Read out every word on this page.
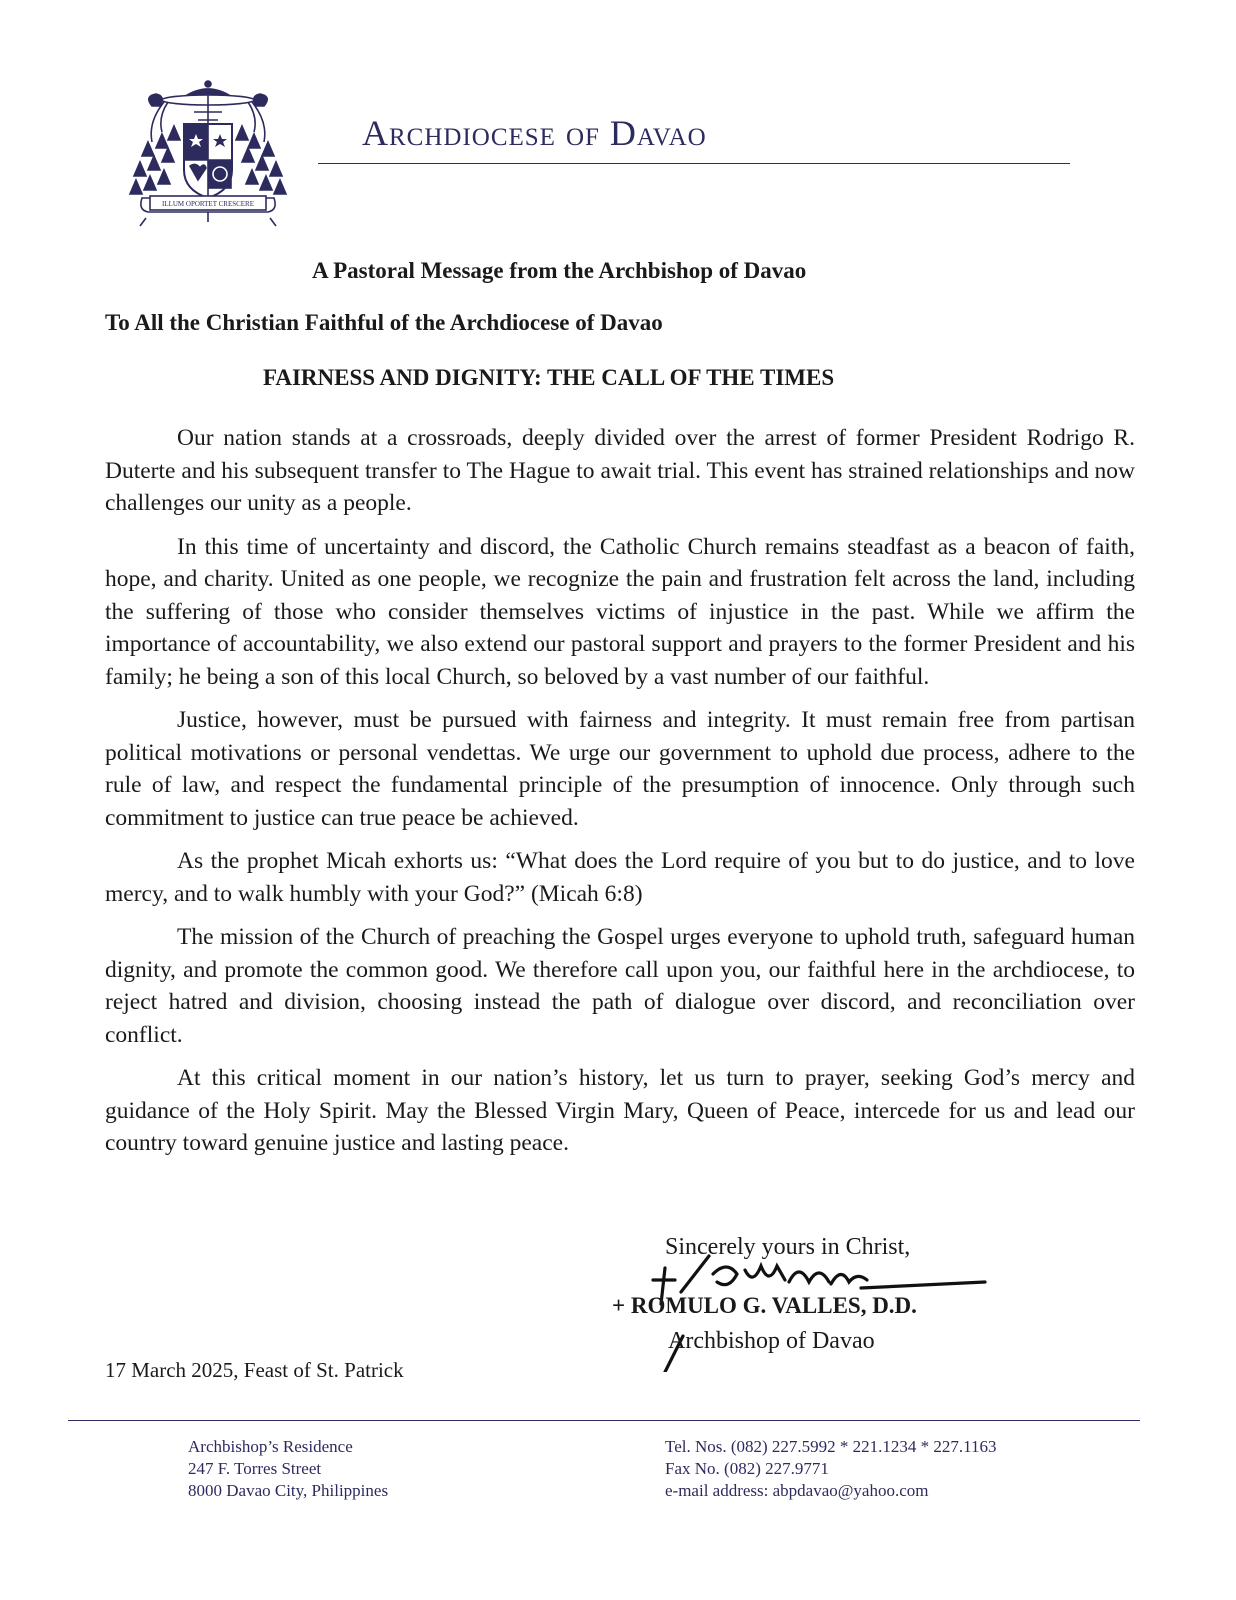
ILLUM OPORTET CRESCERE
Archdiocese of Davao
A Pastoral Message from the Archbishop of Davao
To All the Christian Faithful of the Archdiocese of Davao
FAIRNESS AND DIGNITY: THE CALL OF THE TIMES

Our nation stands at a crossroads, deeply divided over the arrest of former President Rodrigo R. Duterte and his subsequent transfer to The Hague to await trial. This event has strained relationships and now challenges our unity as a people.

In this time of uncertainty and discord, the Catholic Church remains steadfast as a beacon of faith, hope, and charity. United as one people, we recognize the pain and frustration felt across the land, including the suffering of those who consider themselves victims of injustice in the past. While we affirm the importance of accountability, we also extend our pastoral support and prayers to the former President and his family; he being a son of this local Church, so beloved by a vast number of our faithful.

Justice, however, must be pursued with fairness and integrity. It must remain free from partisan political motivations or personal vendettas. We urge our government to uphold due process, adhere to the rule of law, and respect the fundamental principle of the presumption of innocence. Only through such commitment to justice can true peace be achieved.

As the prophet Micah exhorts us: “What does the Lord require of you but to do justice, and to love mercy, and to walk humbly with your God?” (Micah 6:8)

The mission of the Church of preaching the Gospel urges everyone to uphold truth, safeguard human dignity, and promote the common good. We therefore call upon you, our faithful here in the archdiocese, to reject hatred and division, choosing instead the path of dialogue over discord, and reconciliation over conflict.

At this critical moment in our nation’s history, let us turn to prayer, seeking God’s mercy and guidance of the Holy Spirit. May the Blessed Virgin Mary, Queen of Peace, intercede for us and lead our country toward genuine justice and lasting peace.

Sincerely yours in Christ,
+ ROMULO G. VALLES, D.D.
Archbishop of Davao
17 March 2025, Feast of St. Patrick
Archbishop’s Residence
247 F. Torres Street
8000 Davao City, Philippines
Tel. Nos. (082) 227.5992 * 221.1234 * 227.1163
Fax No. (082) 227.9771
e-mail address: abpdavao@yahoo.com
